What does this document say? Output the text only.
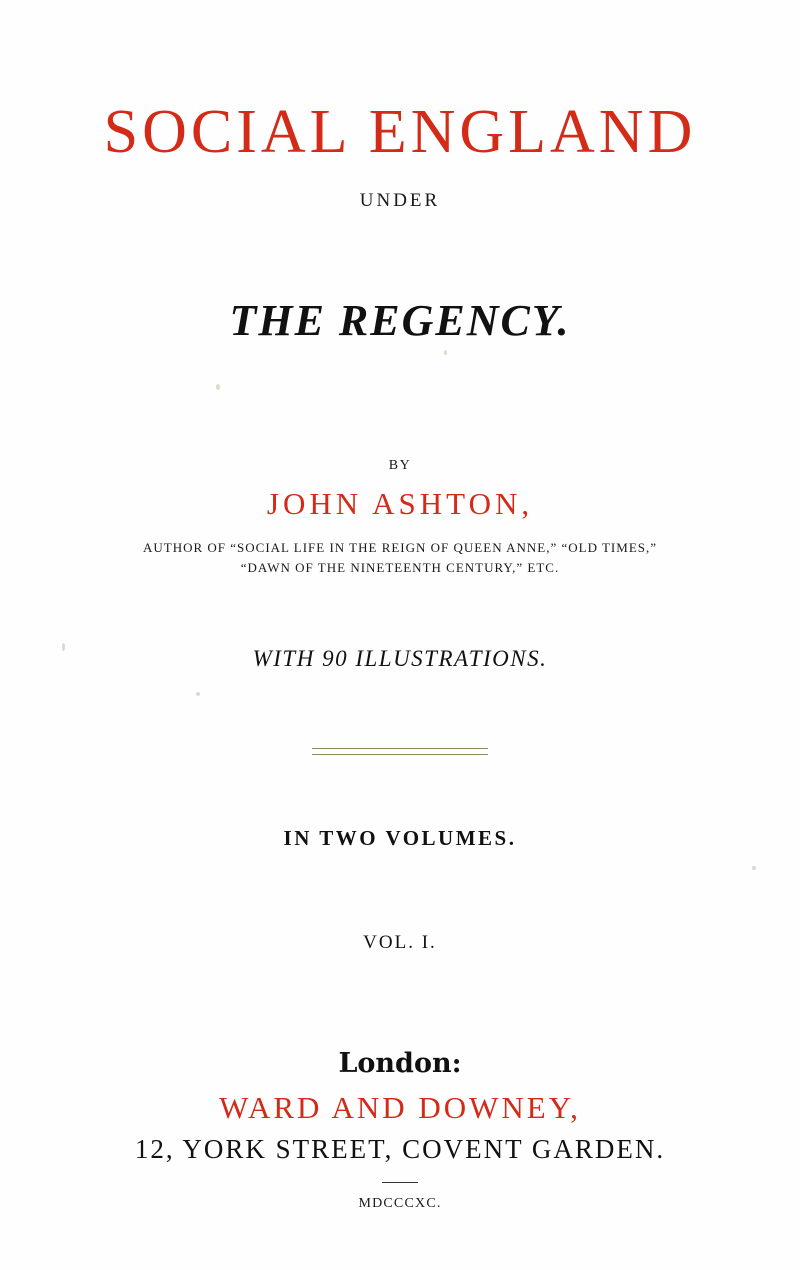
SOCIAL ENGLAND
UNDER
THE REGENCY.
BY
JOHN ASHTON,
AUTHOR OF “SOCIAL LIFE IN THE REIGN OF QUEEN ANNE,” “OLD TIMES,”
“DAWN OF THE NINETEENTH CENTURY,” ETC.
WITH 90 ILLUSTRATIONS.
IN TWO VOLUMES.
VOL. I.
London:
WARD AND DOWNEY,
12, YORK STREET, COVENT GARDEN.
MDCCCXC.
